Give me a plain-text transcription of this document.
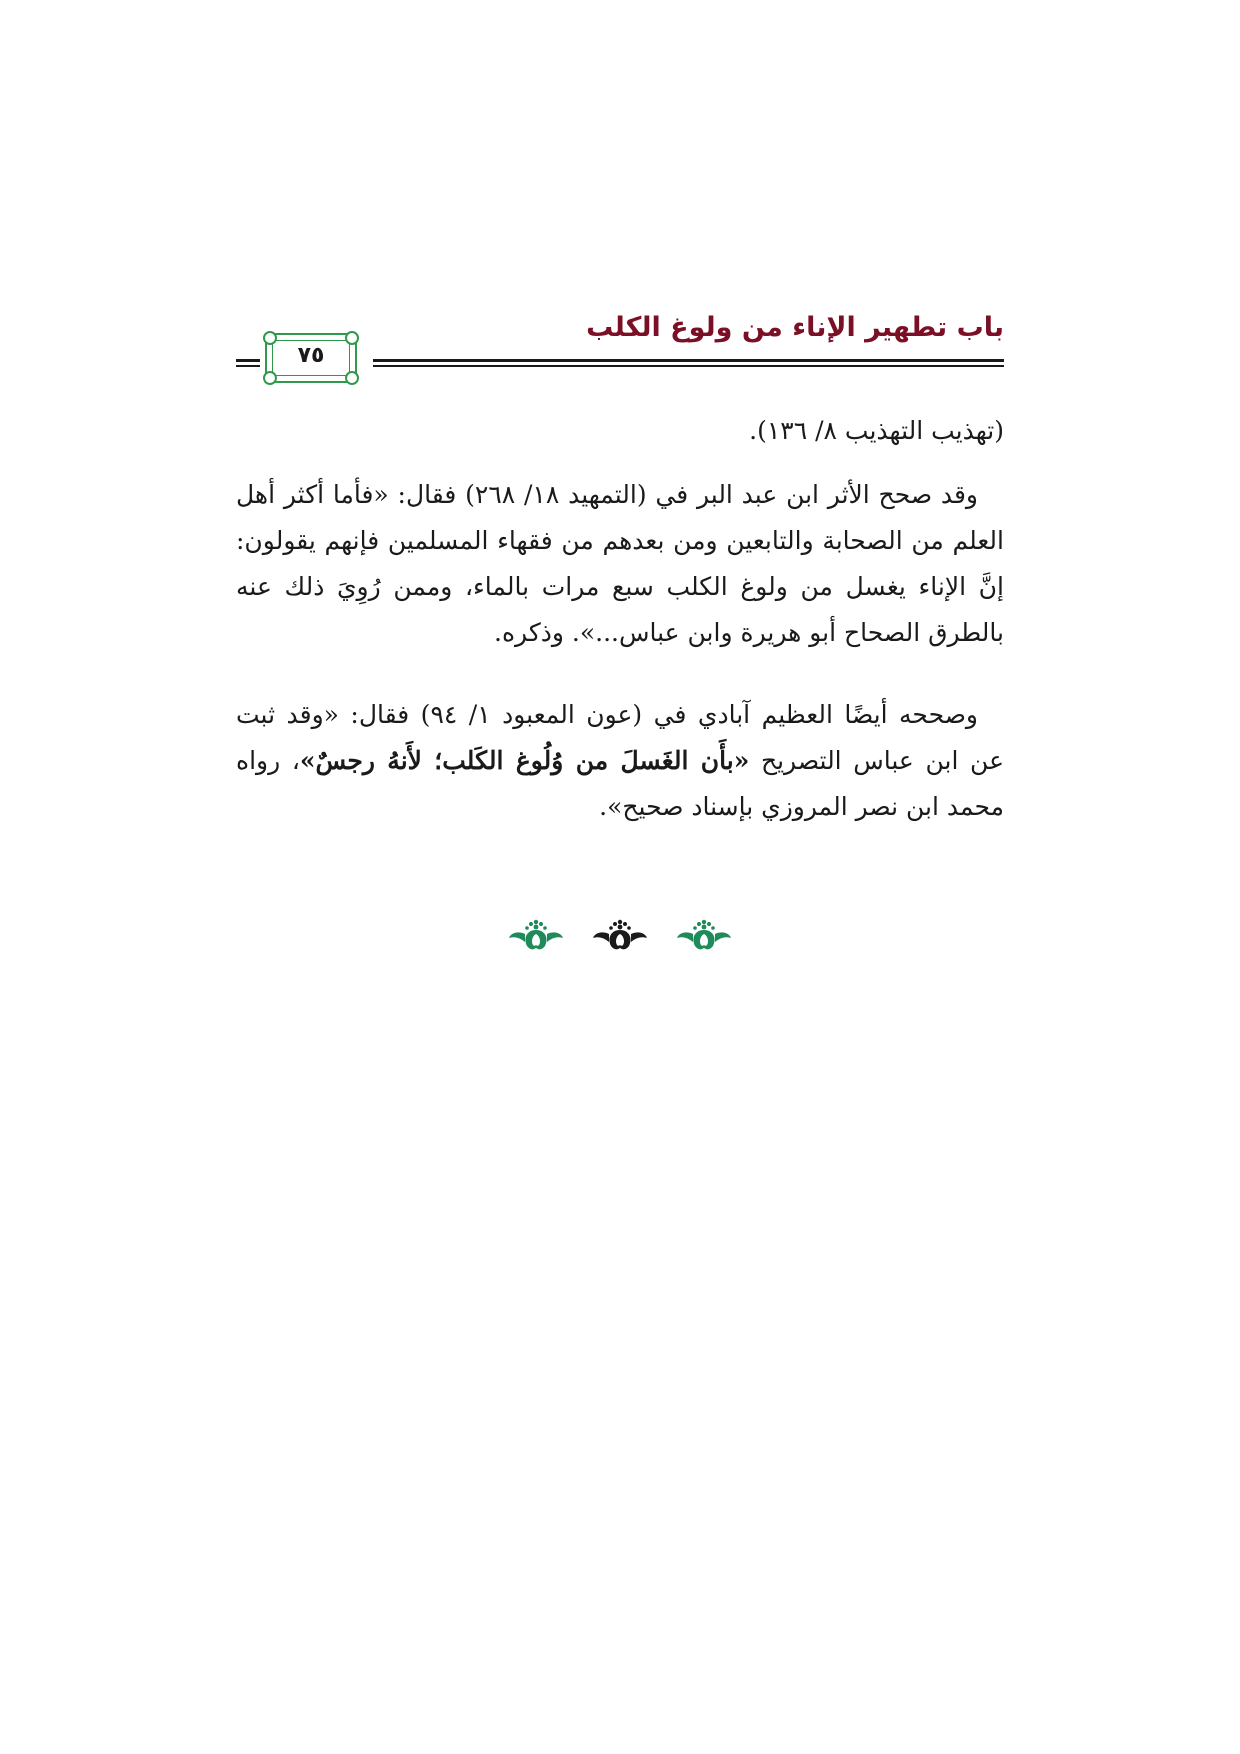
باب تطهير الإناء من ولوغ الكلب
٧٥

(تهذيب التهذيب ٨/ ١٣٦).

وقد صحح الأثر ابن عبد البر في (التمهيد ١٨/ ٢٦٨) فقال: «فأما أكثر أهل العلم من الصحابة والتابعين ومن بعدهم من فقهاء المسلمين فإنهم يقولون: إنَّ الإناء يغسل من ولوغ الكلب سبع مرات بالماء، وممن رُوِيَ ذلك عنه بالطرق الصحاح أبو هريرة وابن عباس...». وذكره.

وصححه أيضًا العظيم آبادي في (عون المعبود ١/ ٩٤) فقال: «وقد ثبت عن ابن عباس التصريح «بأَن الغَسلَ من وُلُوغ الكَلب؛ لأَنهُ رجسٌ»، رواه محمد ابن نصر المروزي بإسناد صحيح».
